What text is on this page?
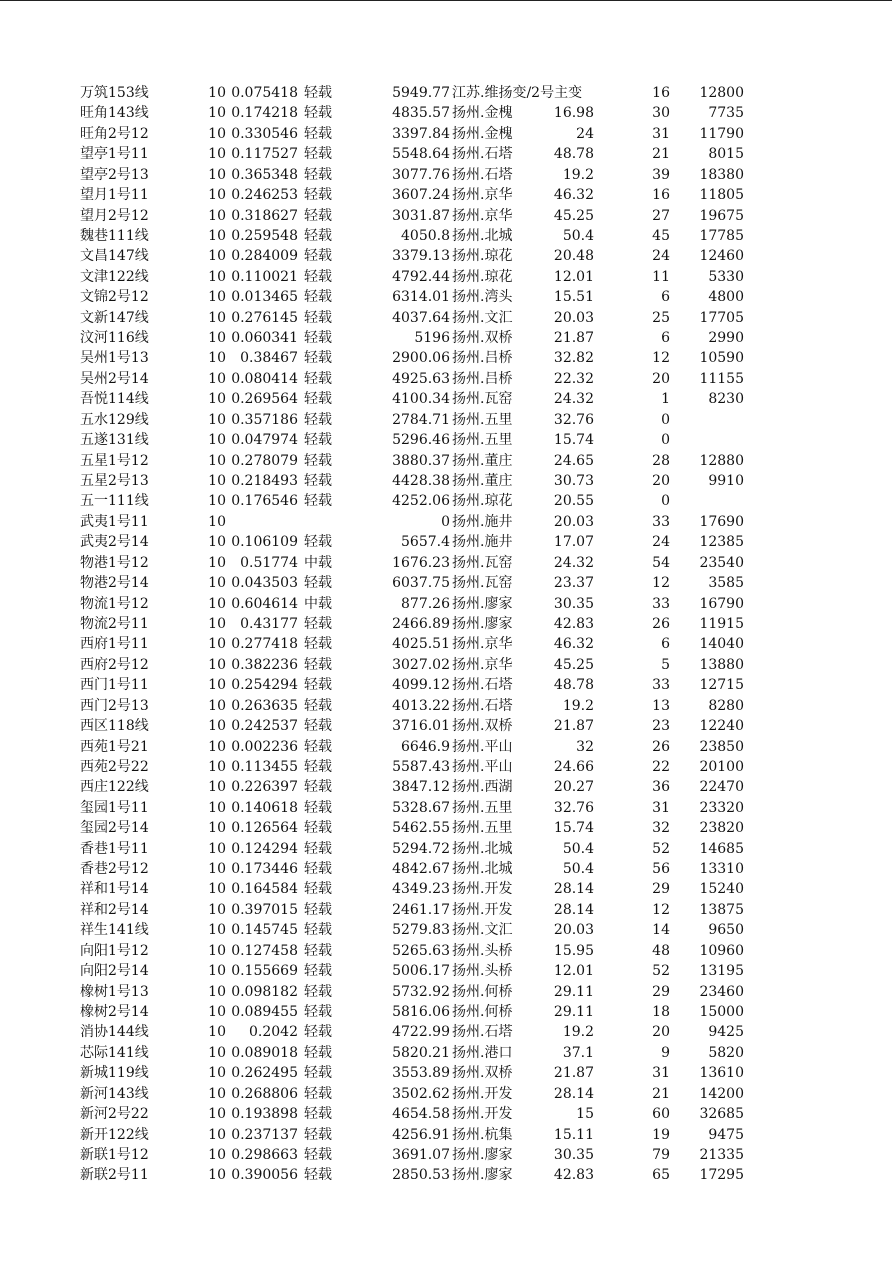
万筑153线	10 0.075418 轻载	5949.77 江苏.维扬变/2号主变	16	12800
旺角143线	10 0.174218 轻载	4835.57 扬州.金槐	16.98	30	7735
旺角2号12	10 0.330546 轻载	3397.84 扬州.金槐	24	31	11790
望亭1号11	10 0.117527 轻载	5548.64 扬州.石塔	48.78	21	8015
望亭2号13	10 0.365348 轻载	3077.76 扬州.石塔	19.2	39	18380
望月1号11	10 0.246253 轻载	3607.24 扬州.京华	46.32	16	11805
望月2号12	10 0.318627 轻载	3031.87 扬州.京华	45.25	27	19675
魏巷111线	10 0.259548 轻载	4050.8 扬州.北城	50.4	45	17785
文昌147线	10 0.284009 轻载	3379.13 扬州.琼花	20.48	24	12460
文津122线	10 0.110021 轻载	4792.44 扬州.琼花	12.01	11	5330
文锦2号12	10 0.013465 轻载	6314.01 扬州.湾头	15.51	6	4800
文新147线	10 0.276145 轻载	4037.64 扬州.文汇	20.03	25	17705
汶河116线	10 0.060341 轻载	5196 扬州.双桥	21.87	6	2990
吴州1号13	10	0.38467 轻载	2900.06 扬州.吕桥	32.82	12	10590
吴州2号14	10 0.080414 轻载	4925.63 扬州.吕桥	22.32	20	11155
吾悦114线	10 0.269564 轻载	4100.34 扬州.瓦窑	24.32	1	8230
五水129线	10 0.357186 轻载	2784.71 扬州.五里	32.76	0
五遂131线	10 0.047974 轻载	5296.46 扬州.五里	15.74	0
五星1号12	10 0.278079 轻载	3880.37 扬州.董庄	24.65	28	12880
五星2号13	10 0.218493 轻载	4428.38 扬州.董庄	30.73	20	9910
五一111线	10 0.176546 轻载	4252.06 扬州.琼花	20.55	0
武夷1号11	10	0 扬州.施井	20.03	33	17690
武夷2号14	10 0.106109 轻载	5657.4 扬州.施井	17.07	24	12385
物港1号12	10	0.51774 中载	1676.23 扬州.瓦窑	24.32	54	23540
物港2号14	10 0.043503 轻载	6037.75 扬州.瓦窑	23.37	12	3585
物流1号12	10 0.604614 中载	877.26 扬州.廖家	30.35	33	16790
物流2号11	10	0.43177 轻载	2466.89 扬州.廖家	42.83	26	11915
西府1号11	10 0.277418 轻载	4025.51 扬州.京华	46.32	6	14040
西府2号12	10 0.382236 轻载	3027.02 扬州.京华	45.25	5	13880
西门1号11	10 0.254294 轻载	4099.12 扬州.石塔	48.78	33	12715
西门2号13	10 0.263635 轻载	4013.22 扬州.石塔	19.2	13	8280
西区118线	10 0.242537 轻载	3716.01 扬州.双桥	21.87	23	12240
西苑1号21	10 0.002236 轻载	6646.9 扬州.平山	32	26	23850
西苑2号22	10 0.113455 轻载	5587.43 扬州.平山	24.66	22	20100
西庄122线	10 0.226397 轻载	3847.12 扬州.西湖	20.27	36	22470
玺园1号11	10 0.140618 轻载	5328.67 扬州.五里	32.76	31	23320
玺园2号14	10 0.126564 轻载	5462.55 扬州.五里	15.74	32	23820
香巷1号11	10 0.124294 轻载	5294.72 扬州.北城	50.4	52	14685
香巷2号12	10 0.173446 轻载	4842.67 扬州.北城	50.4	56	13310
祥和1号14	10 0.164584 轻载	4349.23 扬州.开发	28.14	29	15240
祥和2号14	10 0.397015 轻载	2461.17 扬州.开发	28.14	12	13875
祥生141线	10 0.145745 轻载	5279.83 扬州.文汇	20.03	14	9650
向阳1号12	10 0.127458 轻载	5265.63 扬州.头桥	15.95	48	10960
向阳2号14	10 0.155669 轻载	5006.17 扬州.头桥	12.01	52	13195
橡树1号13	10 0.098182 轻载	5732.92 扬州.何桥	29.11	29	23460
橡树2号14	10 0.089455 轻载	5816.06 扬州.何桥	29.11	18	15000
消协144线	10	0.2042 轻载	4722.99 扬州.石塔	19.2	20	9425
芯际141线	10 0.089018 轻载	5820.21 扬州.港口	37.1	9	5820
新城119线	10 0.262495 轻载	3553.89 扬州.双桥	21.87	31	13610
新河143线	10 0.268806 轻载	3502.62 扬州.开发	28.14	21	14200
新河2号22	10 0.193898 轻载	4654.58 扬州.开发	15	60	32685
新开122线	10 0.237137 轻载	4256.91 扬州.杭集	15.11	19	9475
新联1号12	10 0.298663 轻载	3691.07 扬州.廖家	30.35	79	21335
新联2号11	10 0.390056 轻载	2850.53 扬州.廖家	42.83	65	17295
